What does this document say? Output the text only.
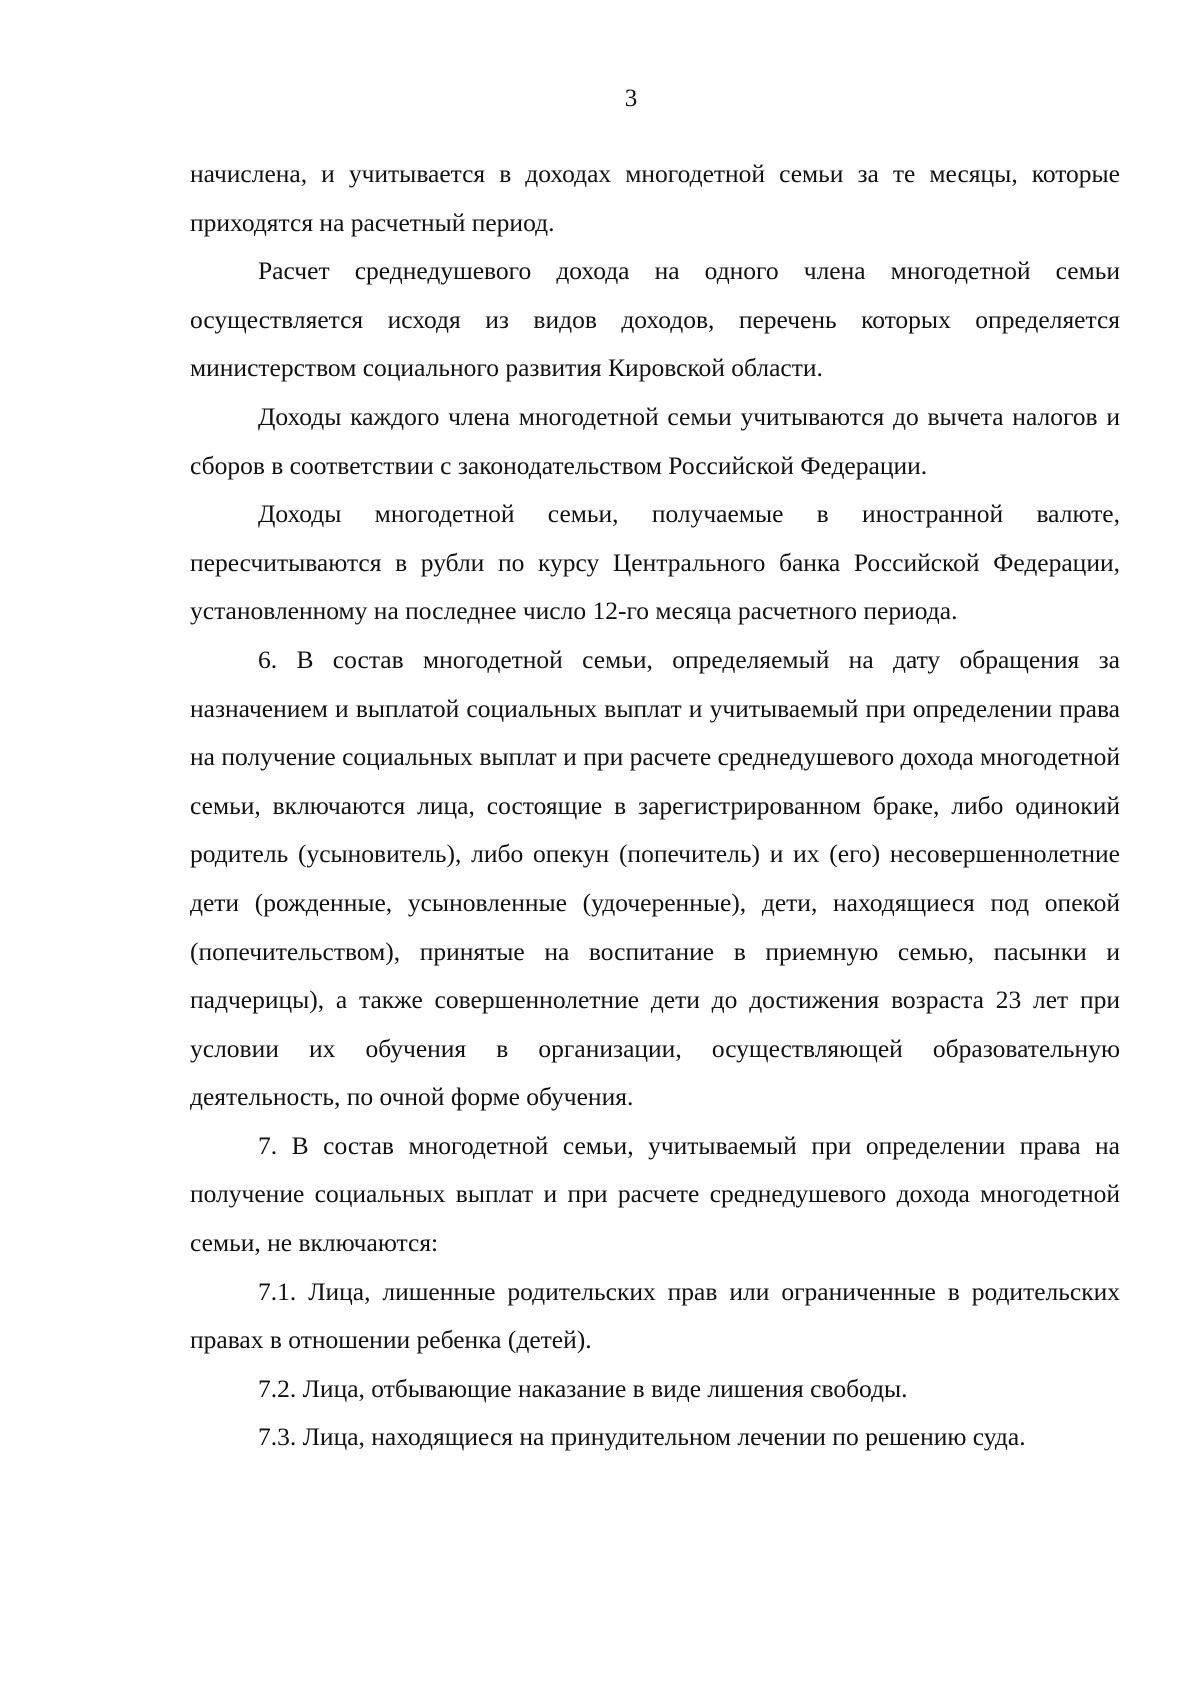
3

начислена, и учитывается в доходах многодетной семьи за те месяцы, которые приходятся на расчетный период.

Расчет среднедушевого дохода на одного члена многодетной семьи осуществляется исходя из видов доходов, перечень которых определяется министерством социального развития Кировской области.

Доходы каждого члена многодетной семьи учитываются до вычета налогов и сборов в соответствии с законодательством Российской Федерации.

Доходы многодетной семьи, получаемые в иностранной валюте, пересчитываются в рубли по курсу Центрального банка Российской Федерации, установленному на последнее число 12-го месяца расчетного периода.

6. В состав многодетной семьи, определяемый на дату обращения за назначением и выплатой социальных выплат и учитываемый при определении права на получение социальных выплат и при расчете среднедушевого дохода многодетной семьи, включаются лица, состоящие в зарегистрированном браке, либо одинокий родитель (усыновитель), либо опекун (попечитель) и их (его) несовершеннолетние дети (рожденные, усыновленные (удочеренные), дети, находящиеся под опекой (попечительством), принятые на воспитание в приемную семью, пасынки и падчерицы), а также совершеннолетние дети до достижения возраста 23 лет при условии их обучения в организации, осуществляющей образовательную деятельность, по очной форме обучения.

7. В состав многодетной семьи, учитываемый при определении права на получение социальных выплат и при расчете среднедушевого дохода многодетной семьи, не включаются:

7.1. Лица, лишенные родительских прав или ограниченные в родительских правах в отношении ребенка (детей).

7.2. Лица, отбывающие наказание в виде лишения свободы.

7.3. Лица, находящиеся на принудительном лечении по решению суда.
